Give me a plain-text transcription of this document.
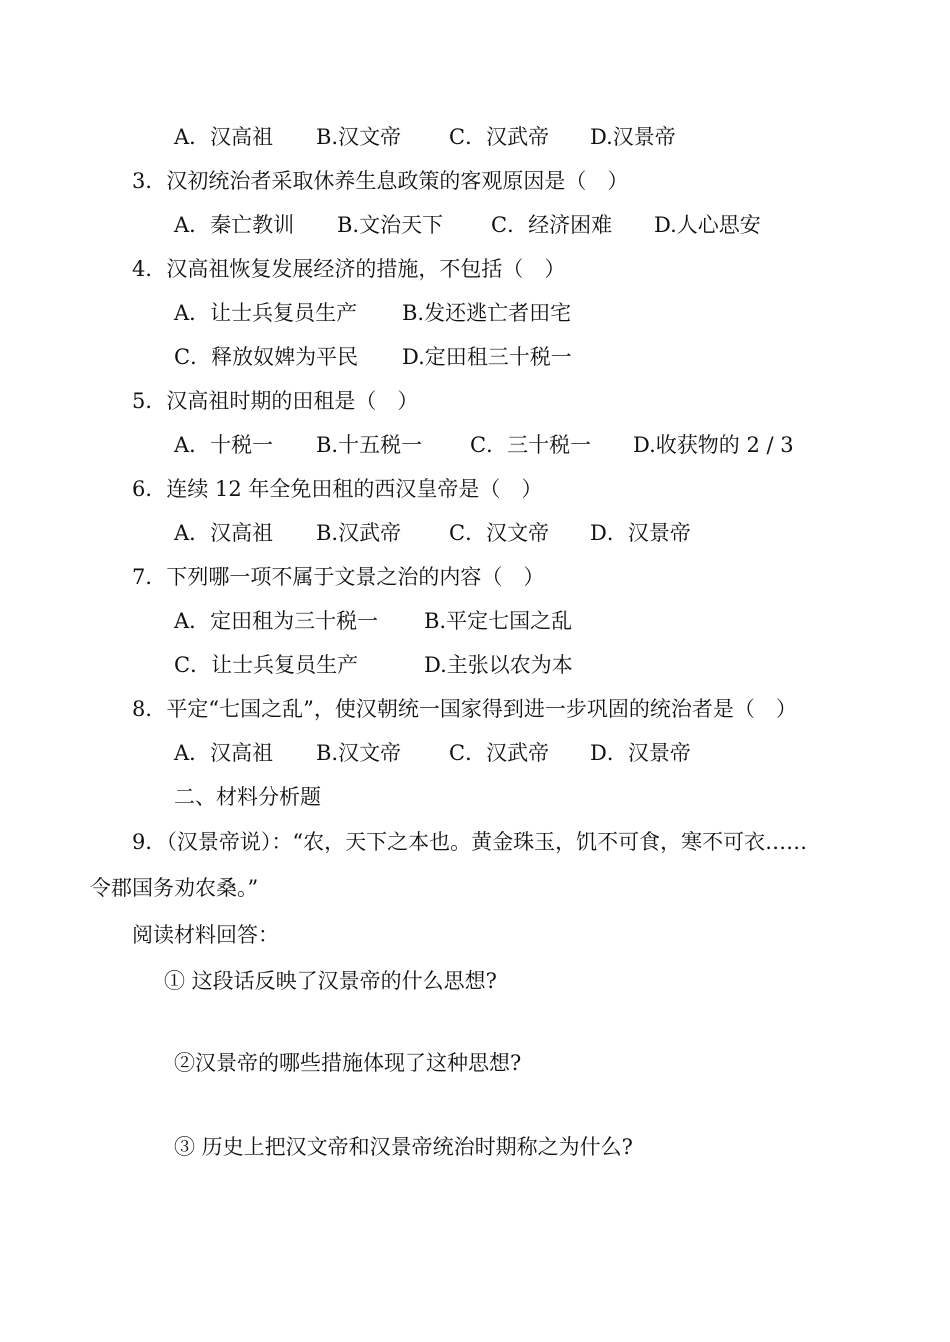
A．汉高祖 B.汉文帝 C．汉武帝 D.汉景帝
3．汉初统治者采取休养生息政策的客观原因是（　）
A．秦亡教训 B.文治天下 C．经济困难 D.人心思安
4．汉高祖恢复发展经济的措施，不包括（　）
A．让士兵复员生产 B.发还逃亡者田宅
C．释放奴婢为平民 D.定田租三十税一
5．汉高祖时期的田租是（　）
A．十税一 B.十五税一 C．三十税一 D.收获物的 2 / 3
6．连续 12 年全免田租的西汉皇帝是（　）
A．汉高祖 B.汉武帝 C．汉文帝 D．汉景帝
7．下列哪一项不属于文景之治的内容（　）
A．定田租为三十税一 B.平定七国之乱
C．让士兵复员生产	D.主张以农为本
8．平定“七国之乱”，使汉朝统一国家得到进一步巩固的统治者是（　）
A．汉高祖 B.汉文帝 C．汉武帝 D．汉景帝
二、材料分析题
9．（汉景帝说）：“农，天下之本也。黄金珠玉，饥不可食，寒不可衣……
令郡国务劝农桑。”
阅读材料回答：
① 这段话反映了汉景帝的什么思想?
②汉景帝的哪些措施体现了这种思想?
③ 历史上把汉文帝和汉景帝统治时期称之为什么?
